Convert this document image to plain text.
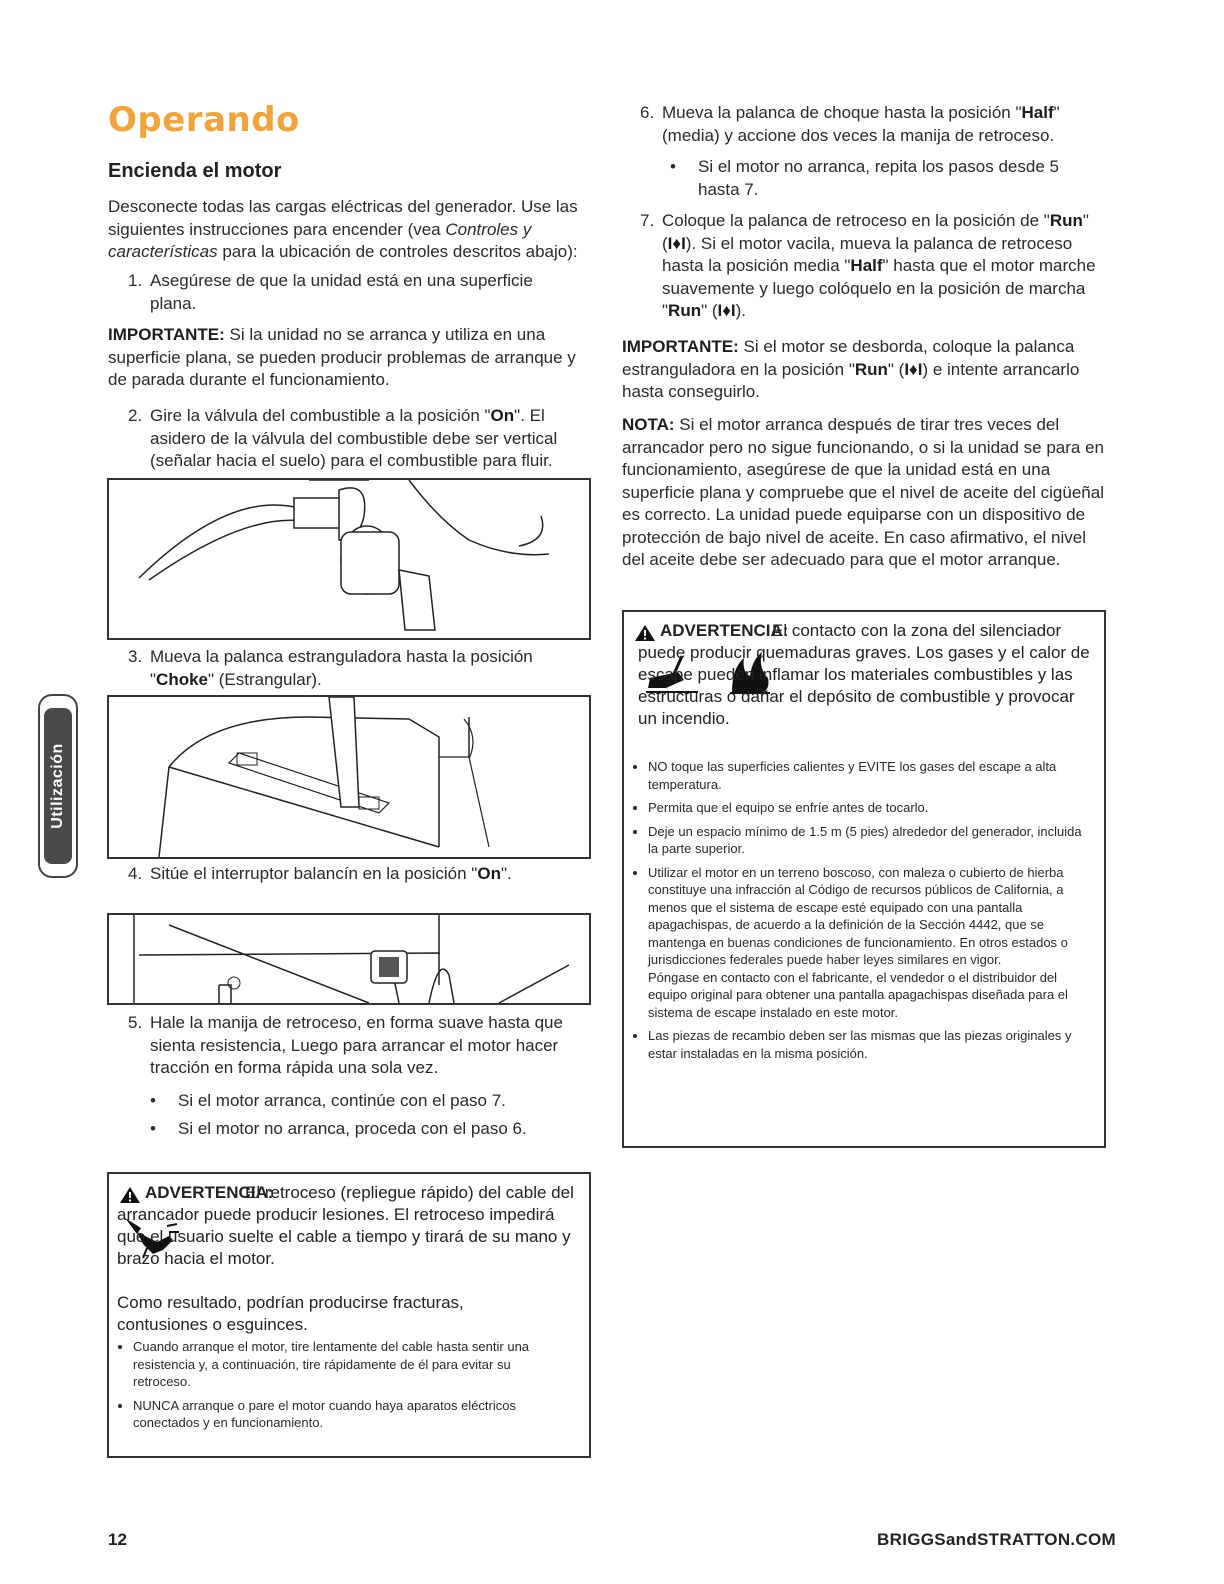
Operando
Encienda el motor

Desconecte todas las cargas eléctricas del generador. Use las siguientes instrucciones para encender (vea Controles y características para la ubicación de controles descritos abajo):

1. Asegúrese de que la unidad está en una superficie plana.

IMPORTANTE: Si la unidad no se arranca y utiliza en una superficie plana, se pueden producir problemas de arranque y de parada durante el funcionamiento.

2. Gire la válvula del combustible a la posición "On". El asidero de la válvula del combustible debe ser vertical (señalar hacia el suelo) para el combustible para fluir.
3. Mueva la palanca estranguladora hasta la posición "Choke" (Estrangular).
4. Sitúe el interruptor balancín en la posición "On".
5. Hale la manija de retroceso, en forma suave hasta que sienta resistencia, Luego para arrancar el motor hacer tracción en forma rápida una sola vez.
• Si el motor arranca, continúe con el paso 7.
• Si el motor no arranca, proceda con el paso 6.
ADVERTENCIA:
El retroceso (repliegue rápido) del cable del arrancador puede producir lesiones. El retroceso impedirá que el usuario suelte el cable a tiempo y tirará de su mano y brazo hacia el motor.
Como resultado, podrían producirse fracturas, contusiones o esguinces.
• Cuando arranque el motor, tire lentamente del cable hasta sentir una resistencia y, a continuación, tire rápidamente de él para evitar su retroceso.
• NUNCA arranque o pare el motor cuando haya aparatos eléctricos conectados y en funcionamiento.
Utilización
6. Mueva la palanca de choque hasta la posición "Half" (media) y accione dos veces la manija de retroceso.
• Si el motor no arranca, repita los pasos desde 5 hasta 7.
7. Coloque la palanca de retroceso en la posición de "Run" (I♦I). Si el motor vacila, mueva la palanca de retroceso hasta la posición media "Half" hasta que el motor marche suavemente y luego colóquelo en la posición de marcha "Run" (I♦I).

IMPORTANTE: Si el motor se desborda, coloque la palanca estranguladora en la posición "Run" (I♦I) e intente arrancarlo hasta conseguirlo.

NOTA: Si el motor arranca después de tirar tres veces del arrancador pero no sigue funcionando, o si la unidad se para en funcionamiento, asegúrese de que la unidad está en una superficie plana y compruebe que el nivel de aceite del cigüeñal es correcto. La unidad puede equiparse con un dispositivo de protección de bajo nivel de aceite. En caso afirmativo, el nivel del aceite debe ser adecuado para que el motor arranque.

ADVERTENCIA:
El contacto con la zona del silenciador puede producir quemaduras graves. Los gases y el calor de escape pueden inflamar los materiales combustibles y las estructuras o dañar el depósito de combustible y provocar un incendio.
• NO toque las superficies calientes y EVITE los gases del escape a alta temperatura.
• Permita que el equipo se enfríe antes de tocarlo.
• Deje un espacio mínimo de 1.5 m (5 pies) alrededor del generador, incluida la parte superior.
• Utilizar el motor en un terreno boscoso, con maleza o cubierto de hierba constituye una infracción al Código de recursos públicos de California, a menos que el sistema de escape esté equipado con una pantalla apagachispas, de acuerdo a la definición de la Sección 4442, que se mantenga en buenas condiciones de funcionamiento. En otros estados o jurisdicciones federales puede haber leyes similares en vigor.
Póngase en contacto con el fabricante, el vendedor o el distribuidor del equipo original para obtener una pantalla apagachispas diseñada para el sistema de escape instalado en este motor.
• Las piezas de recambio deben ser las mismas que las piezas originales y estar instaladas en la misma posición.
12	BRIGGSandSTRATTON.COM
